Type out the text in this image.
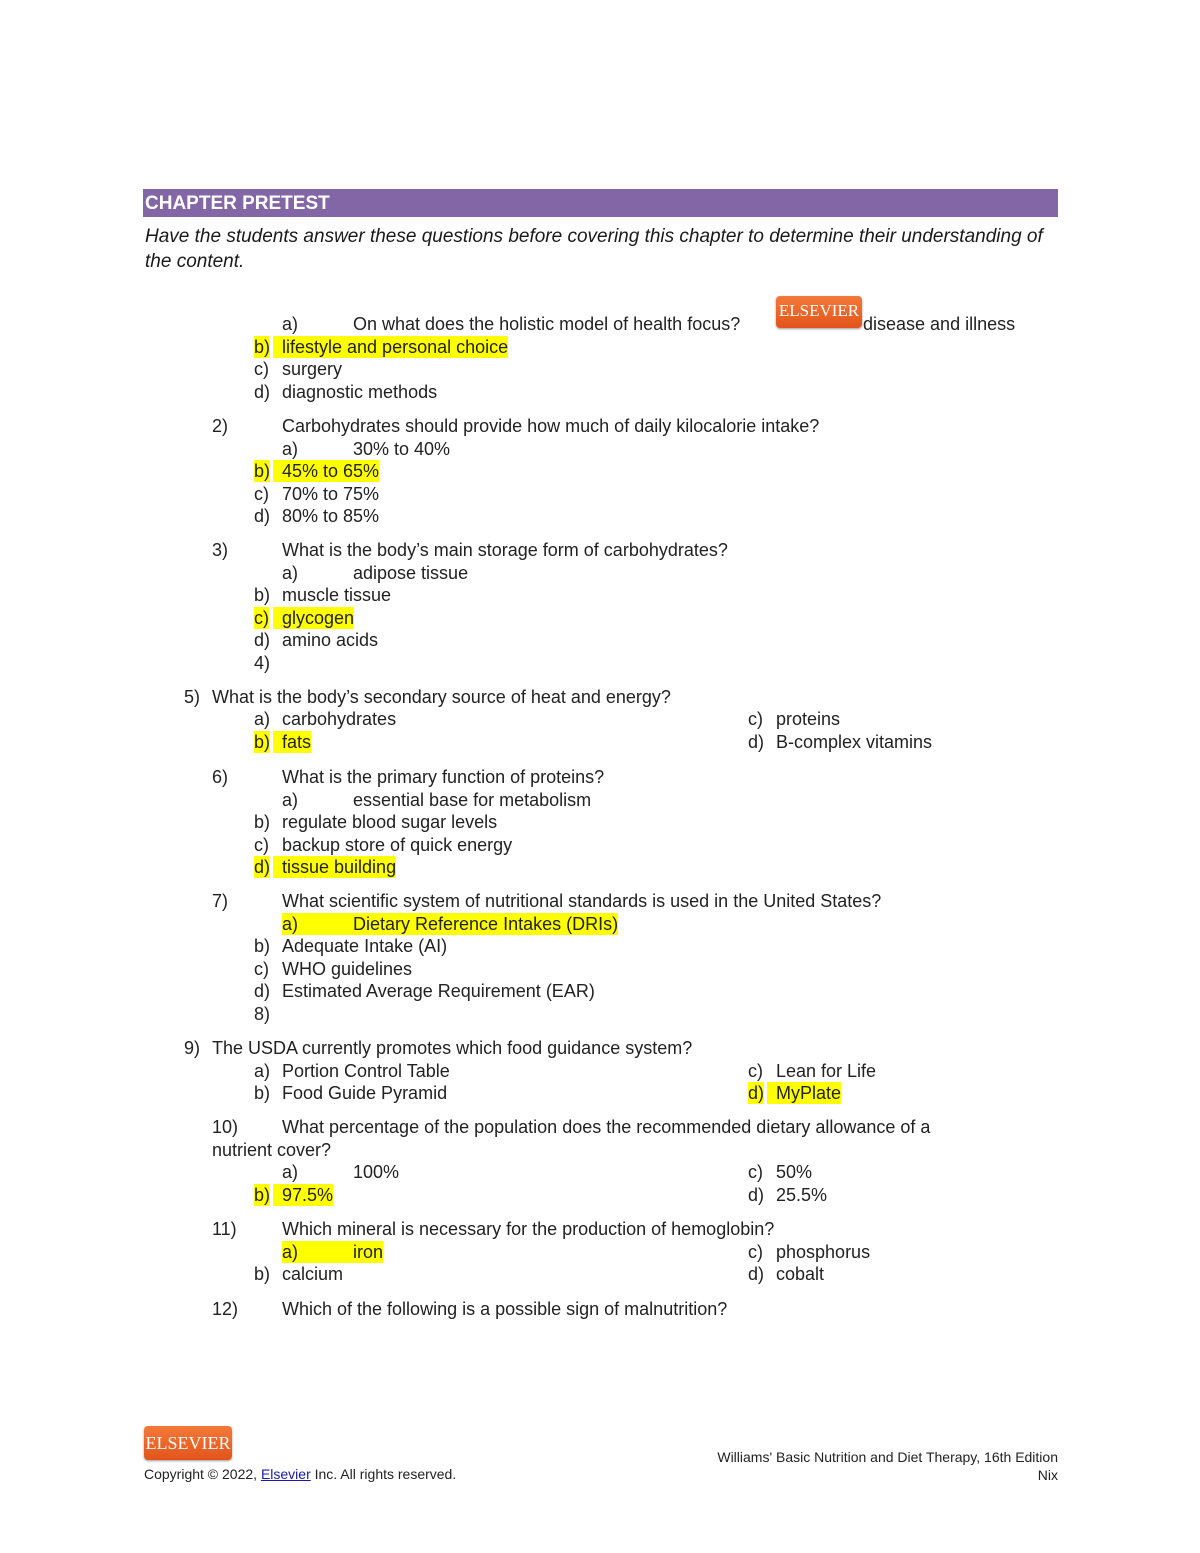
CHAPTER PRETEST
Have the students answer these questions before covering this chapter to determine their understanding of the content.
a)	On what does the holistic model of health focus?
ELSEVIER
disease and illness
b) lifestyle and personal choice
c) surgery
d) diagnostic methods
2)	Carbohydrates should provide how much of daily kilocalorie intake?
a)	30% to 40%
b) 45% to 65%
c) 70% to 75%
d) 80% to 85%
3)	What is the body’s main storage form of carbohydrates?
a)	adipose tissue
b) muscle tissue
c) glycogen
d) amino acids
4)
5) What is the body’s secondary source of heat and energy?
a) carbohydrates
b) fats
c) proteins
d) B-complex vitamins
6)	What is the primary function of proteins?
a)	essential base for metabolism
b) regulate blood sugar levels
c) backup store of quick energy
d) tissue building
7)	What scientific system of nutritional standards is used in the United States?
a)	Dietary Reference Intakes (DRIs)
b) Adequate Intake (AI)
c) WHO guidelines
d) Estimated Average Requirement (EAR)
8)
9) The USDA currently promotes which food guidance system?
a) Portion Control Table
b) Food Guide Pyramid
c) Lean for Life
d) MyPlate
10) What percentage of the population does the recommended dietary allowance of a
nutrient cover?
a)	100%
b) 97.5%
c) 50%
d) 25.5%
11)	Which mineral is necessary for the production of hemoglobin?
a)	iron
b) calcium
c) phosphorus
d) cobalt
12) Which of the following is a possible sign of malnutrition?
ELSEVIER
Copyright © 2022, Elsevier Inc. All rights reserved.
Williams' Basic Nutrition and Diet Therapy, 16th Edition
Nix
